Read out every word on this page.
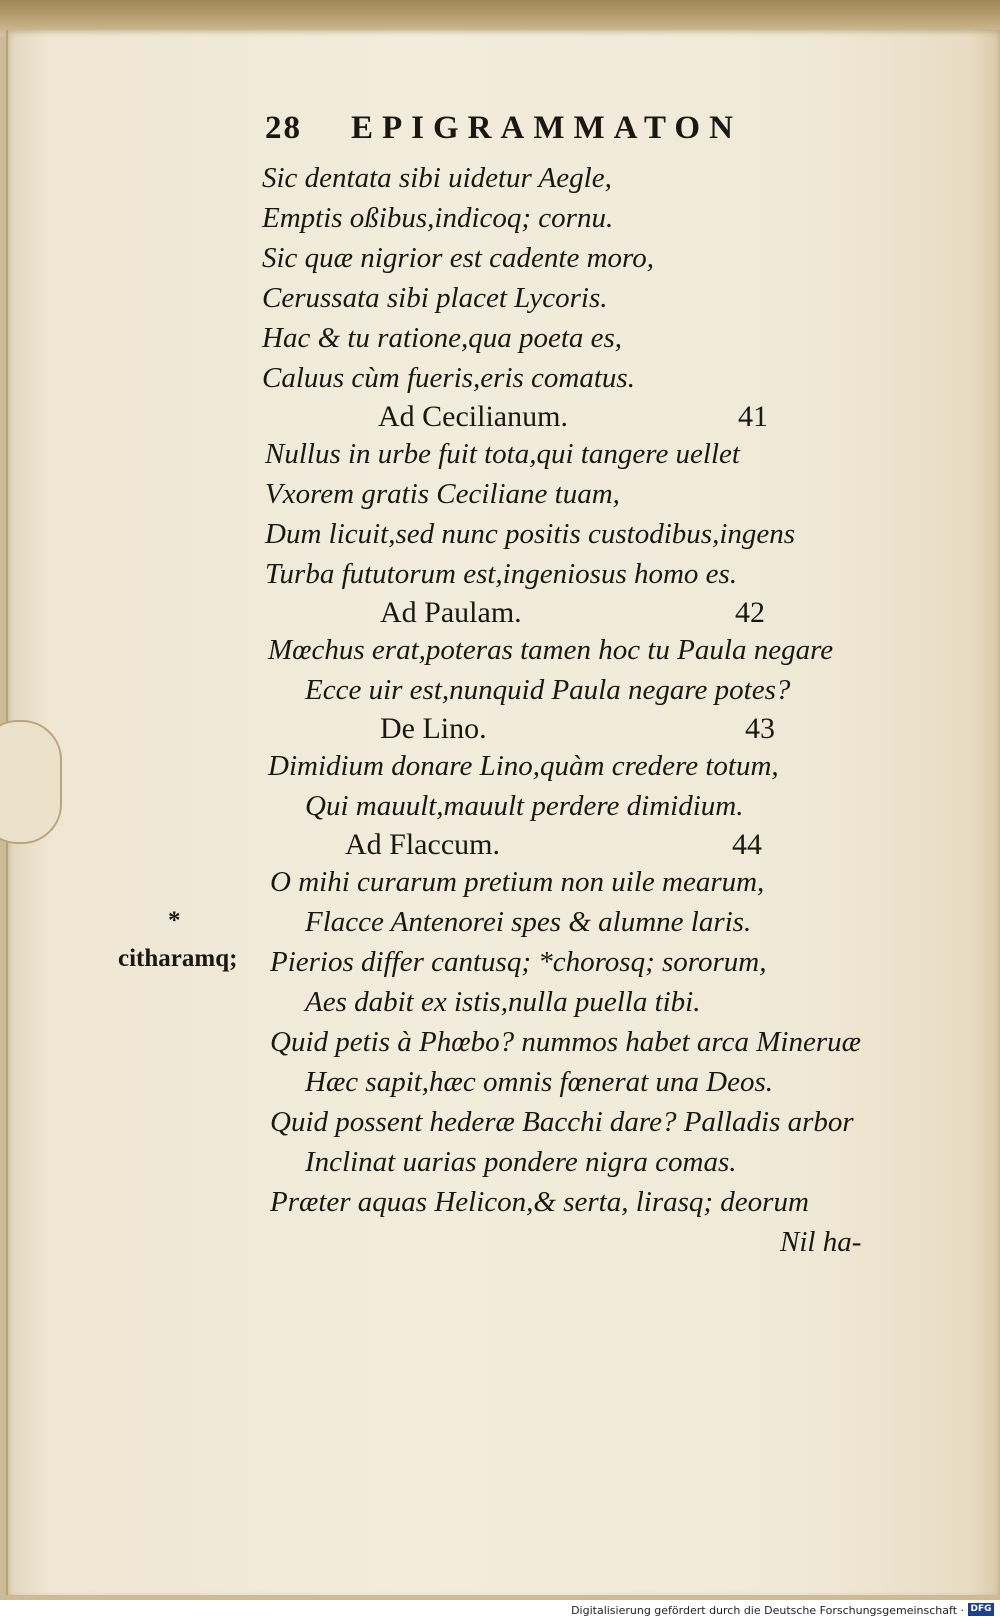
28 EPIGRAMMATON
Sic dentata sibi uidetur Aegle,
Emptis oßibus,indicoq; cornu.
Sic quæ nigrior est cadente moro,
Cerussata sibi placet Lycoris.
Hac & tu ratione,qua poeta es,
Caluus cùm fueris,eris comatus.
Ad Cecilianum.	41
Nullus in urbe fuit tota,qui tangere uellet
Vxorem gratis Ceciliane tuam,
Dum licuit,sed nunc positis custodibus,ingens
Turba fututorum est,ingeniosus homo es.
Ad Paulam.	42
Mœchus erat,poteras tamen hoc tu Paula negare
Ecce uir est,nunquid Paula negare potes?
De Lino.	43
Dimidium donare Lino,quàm credere totum,
Qui mauult,mauult perdere dimidium.
Ad Flaccum.	44
O mihi curarum pretium non uile mearum,
Flacce Antenorei spes & alumne laris.
Pierios differ cantusq; *chorosq; sororum,
Aes dabit ex istis,nulla puella tibi.
Quid petis à Phœbo? nummos habet arca Mineruæ
Hæc sapit,hæc omnis fœnerat una Deos.
Quid possent hederæ Bacchi dare? Palladis arbor
Inclinat uarias pondere nigra comas.
Præter aquas Helicon,& serta, lirasq; deorum
Nil ha-
*
citharamq;
Digitalisierung gefördert durch die Deutsche Forschungsgemeinschaft · DFG
